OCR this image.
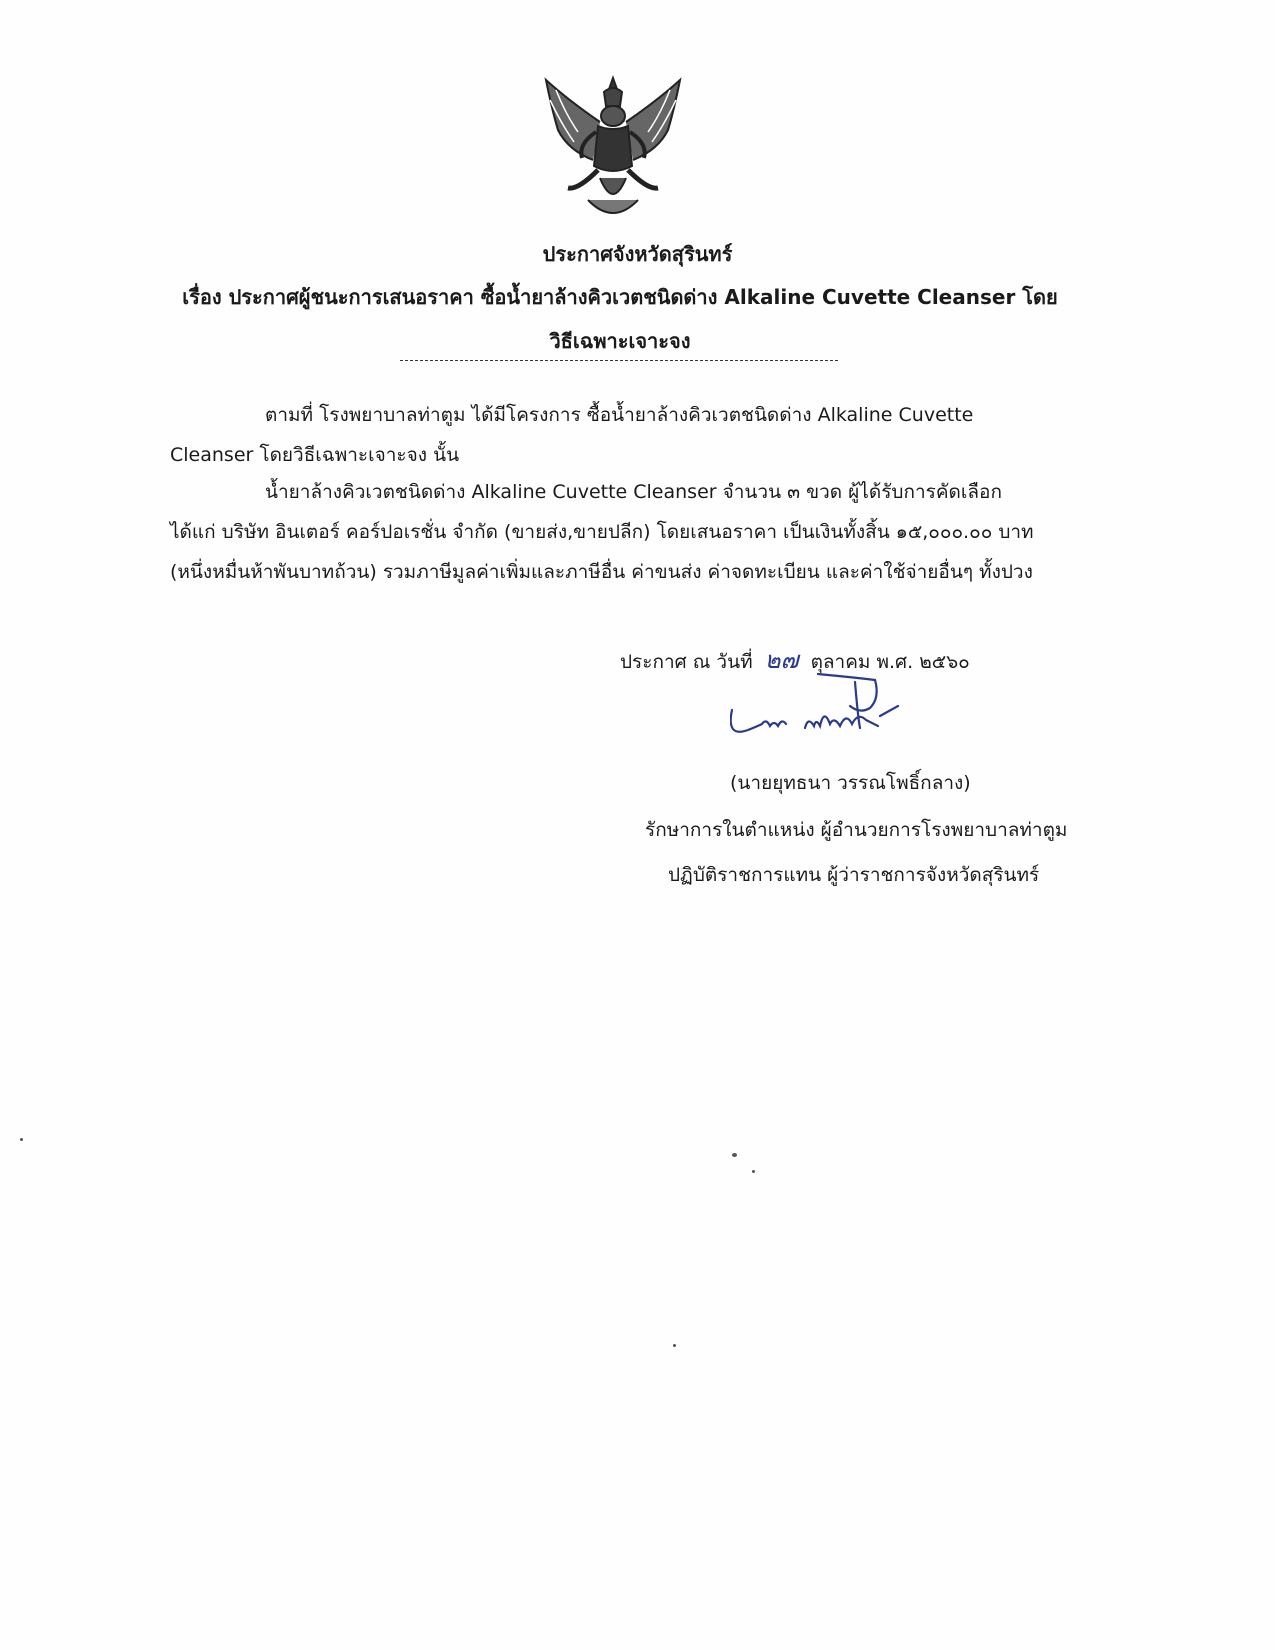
ประกาศจังหวัดสุรินทร์
เรื่อง ประกาศผู้ชนะการเสนอราคา ซื้อน้ำยาล้างคิวเวตชนิดด่าง Alkaline Cuvette Cleanser โดยวิธีเฉพาะเจาะจง
ตามที่ โรงพยาบาลท่าตูม ได้มีโครงการ ซื้อน้ำยาล้างคิวเวตชนิดด่าง Alkaline Cuvette Cleanser โดยวิธีเฉพาะเจาะจง นั้น
น้ำยาล้างคิวเวตชนิดด่าง Alkaline Cuvette Cleanser จำนวน ๓ ขวด ผู้ได้รับการคัดเลือก ได้แก่ บริษัท อินเตอร์ คอร์ปอเรชั่น จำกัด (ขายส่ง,ขายปลีก) โดยเสนอราคา เป็นเงินทั้งสิ้น ๑๕,๐๐๐.๐๐ บาท (หนึ่งหมื่นห้าพันบาทถ้วน) รวมภาษีมูลค่าเพิ่มและภาษีอื่น ค่าขนส่ง ค่าจดทะเบียน และค่าใช้จ่ายอื่นๆ ทั้งปวง
ประกาศ ณ วันที่ ๒๗ ตุลาคม พ.ศ. ๒๕๖๐
(นายยุทธนา วรรณโพธิ์กลาง)
รักษาการในตำแหน่ง ผู้อำนวยการโรงพยาบาลท่าตูม
ปฏิบัติราชการแทน ผู้ว่าราชการจังหวัดสุรินทร์
